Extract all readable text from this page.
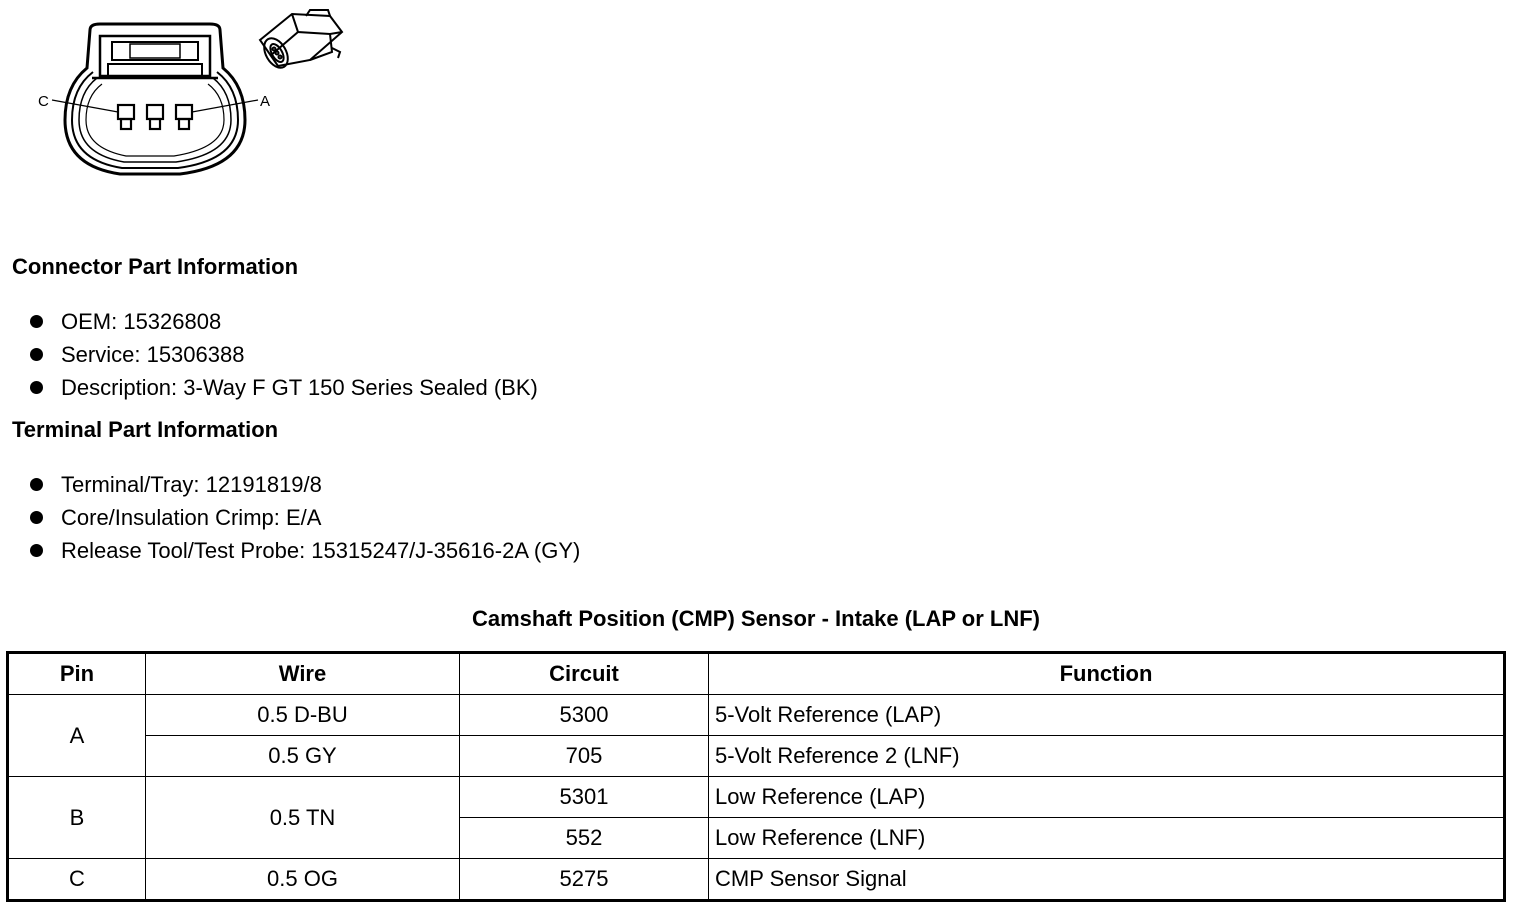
C	A
Connector Part Information
OEM: 15326808
Service: 15306388
Description: 3-Way F GT 150 Series Sealed (BK)
Terminal Part Information
Terminal/Tray: 12191819/8
Core/Insulation Crimp: E/A
Release Tool/Test Probe: 15315247/J-35616-2A (GY)
Camshaft Position (CMP) Sensor - Intake (LAP or LNF)
Pin	Wire	Circuit	Function
A	0.5 D-BU	5300	5-Volt Reference (LAP)
	0.5 GY	705	5-Volt Reference 2 (LNF)
B	0.5 TN	5301	Low Reference (LAP)
		552	Low Reference (LNF)
C	0.5 OG	5275	CMP Sensor Signal
